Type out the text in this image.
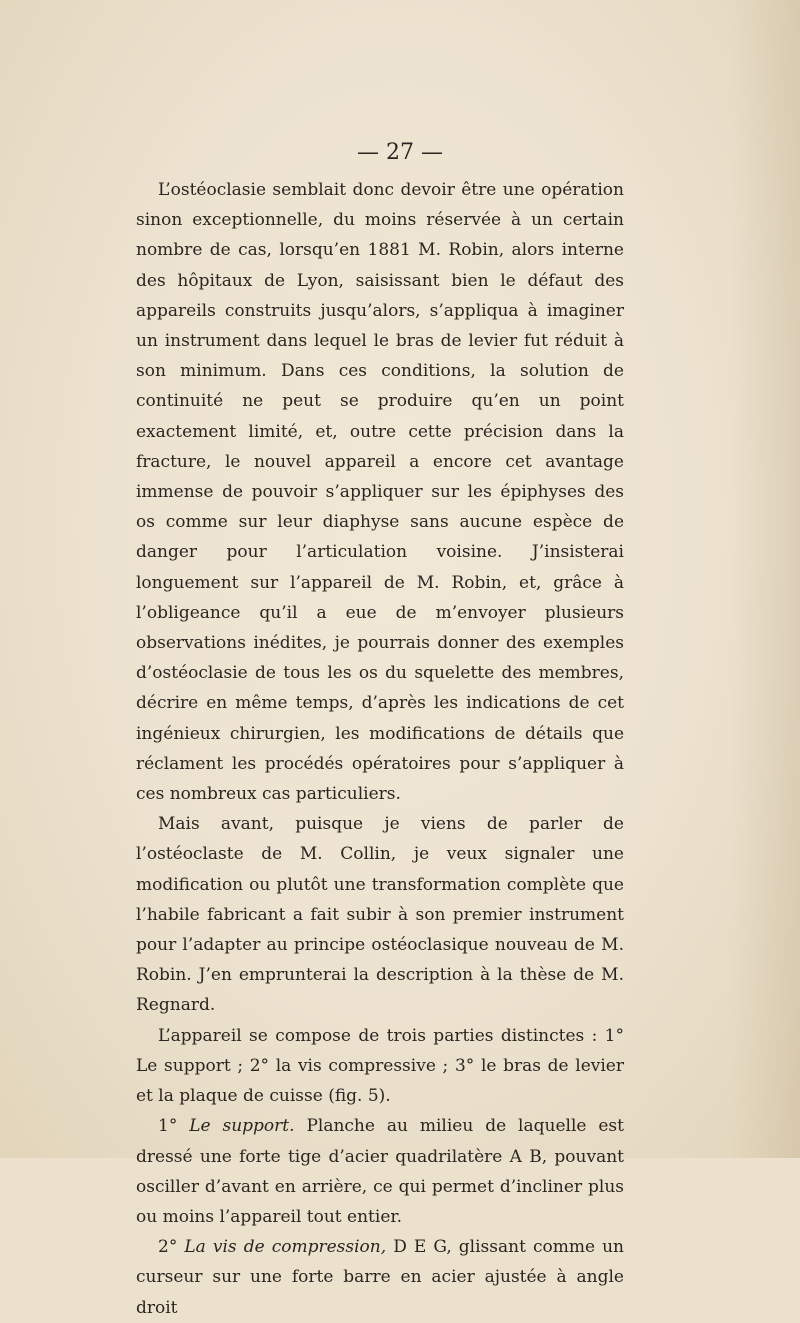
— 27 —

L’ostéoclasie semblait donc devoir être une opération sinon exceptionnelle, du moins réservée à un certain nombre de cas, lorsqu’en 1881 M. Robin, alors interne des hôpitaux de Lyon, saisissant bien le défaut des appareils construits jusqu’alors, s’appliqua à imaginer un instrument dans lequel le bras de levier fut réduit à son minimum. Dans ces conditions, la solution de continuité ne peut se produire qu’en un point exactement limité, et, outre cette précision dans la fracture, le nouvel appareil a encore cet avantage immense de pouvoir s’appliquer sur les épiphyses des os comme sur leur diaphyse sans aucune espèce de danger pour l’articulation voisine. J’insisterai longuement sur l’appareil de M. Robin, et, grâce à l’obligeance qu’il a eue de m’envoyer plusieurs observations inédites, je pourrais donner des exemples d’ostéoclasie de tous les os du squelette des membres, décrire en même temps, d’après les indications de cet ingénieux chirurgien, les modifications de détails que réclament les procédés opératoires pour s’appliquer à ces nombreux cas particuliers.

Mais avant, puisque je viens de parler de l’ostéoclaste de M. Collin, je veux signaler une modification ou plutôt une transformation complète que l’habile fabricant a fait subir à son premier instrument pour l’adapter au principe ostéoclasique nouveau de M. Robin. J’en emprunterai la description à la thèse de M. Regnard.

L’appareil se compose de trois parties distinctes : 1° Le support ; 2° la vis compressive ; 3° le bras de levier et la plaque de cuisse (fig. 5).

1° Le support. Planche au milieu de laquelle est dressé une forte tige d’acier quadrilatère A B, pouvant osciller d’avant en arrière, ce qui permet d’incliner plus ou moins l’appareil tout entier.

2° La vis de compression, D E G, glissant comme un curseur sur une forte barre en acier ajustée à angle droit
